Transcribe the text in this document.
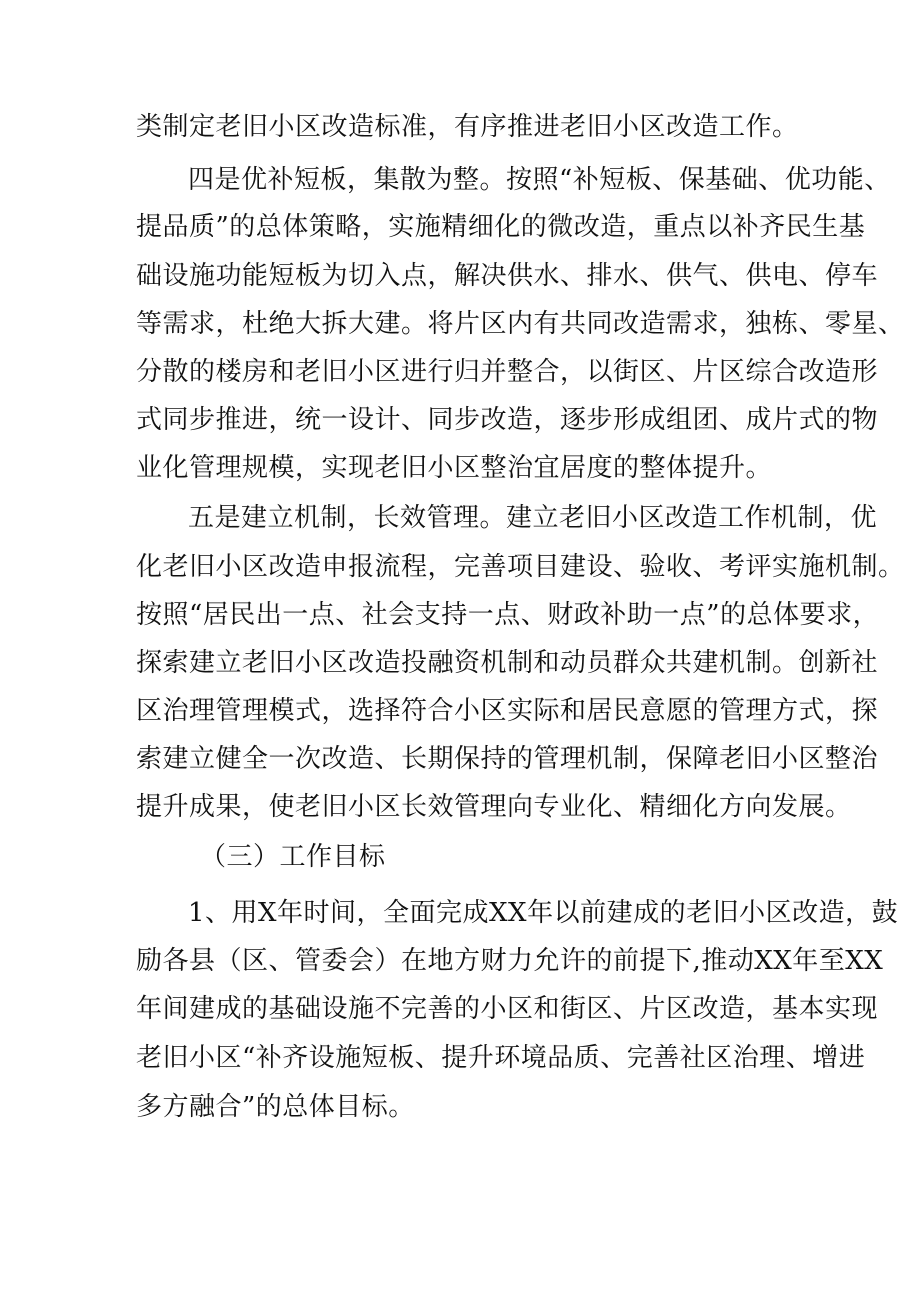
类制定老旧小区改造标准，有序推进老旧小区改造工作。
四是优补短板，集散为整。按照“补短板、保基础、优功能、
提品质”的总体策略，实施精细化的微改造，重点以补齐民生基
础设施功能短板为切入点，解决供水、排水、供气、供电、停车
等需求，杜绝大拆大建。将片区内有共同改造需求，独栋、零星、
分散的楼房和老旧小区进行归并整合，以街区、片区综合改造形
式同步推进，统一设计、同步改造，逐步形成组团、成片式的物
业化管理规模，实现老旧小区整治宜居度的整体提升。
五是建立机制，长效管理。建立老旧小区改造工作机制，优
化老旧小区改造申报流程，完善项目建设、验收、考评实施机制。
按照“居民出一点、社会支持一点、财政补助一点”的总体要求，
探索建立老旧小区改造投融资机制和动员群众共建机制。创新社
区治理管理模式，选择符合小区实际和居民意愿的管理方式，探
索建立健全一次改造、长期保持的管理机制，保障老旧小区整治
提升成果，使老旧小区长效管理向专业化、精细化方向发展。
（三）工作目标
1、用X年时间，全面完成XX年以前建成的老旧小区改造，鼓
励各县（区、管委会）在地方财力允许的前提下,推动XX年至XX
年间建成的基础设施不完善的小区和街区、片区改造，基本实现
老旧小区“补齐设施短板、提升环境品质、完善社区治理、增进
多方融合”的总体目标。
